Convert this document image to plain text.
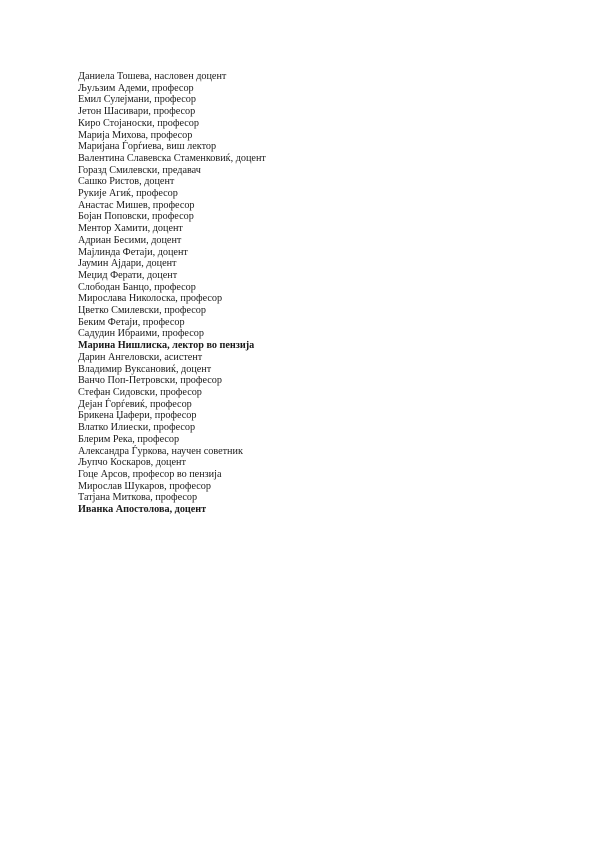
Даниела Тошева, насловен доцент
Љуљзим Адеми, професор
Емил Сулејмани, професор
Јетон Шасивари, професор
Киро Стојаноски, професор
Марија Михова, професор
Маријана Ѓорѓиева, виш лектор
Валентина Славевска Стаменковиќ, доцент
Горазд Смилевски, предавач
Сашко Ристов, доцент
Рукије Агиќ, професор
Анастас Мишев, професор
Бојан Поповски, професор
Ментор Хамити, доцент
Адриан Бесими, доцент
Мајлинда Фетаји, доцент
Јаумин Ајдари, доцент
Меџид Ферати, доцент
Слободан Банцо, професор
Мирослава Николоска, професор
Цветко Смилевски, професор
Беким Фетаји, професор
Садудин Ибраими, професор
Марина Нишлиска, лектор во пензија
Дарин Ангеловски, асистент
Владимир Вуксановиќ, доцент
Ванчо Поп-Петровски, професор
Стефан Сидовски, професор
Дејан Ѓорѓевиќ, професор
Брикена Џафери, професор
Влатко Илиески, професор
Блерим Река, професор
Александра Ѓуркова, научен советник
Љупчо Коскаров, доцент
Гоце Арсов, професор во пензија
Мирослав Шукаров, професор
Татјана Миткова, професор
Иванка Апостолова, доцент
